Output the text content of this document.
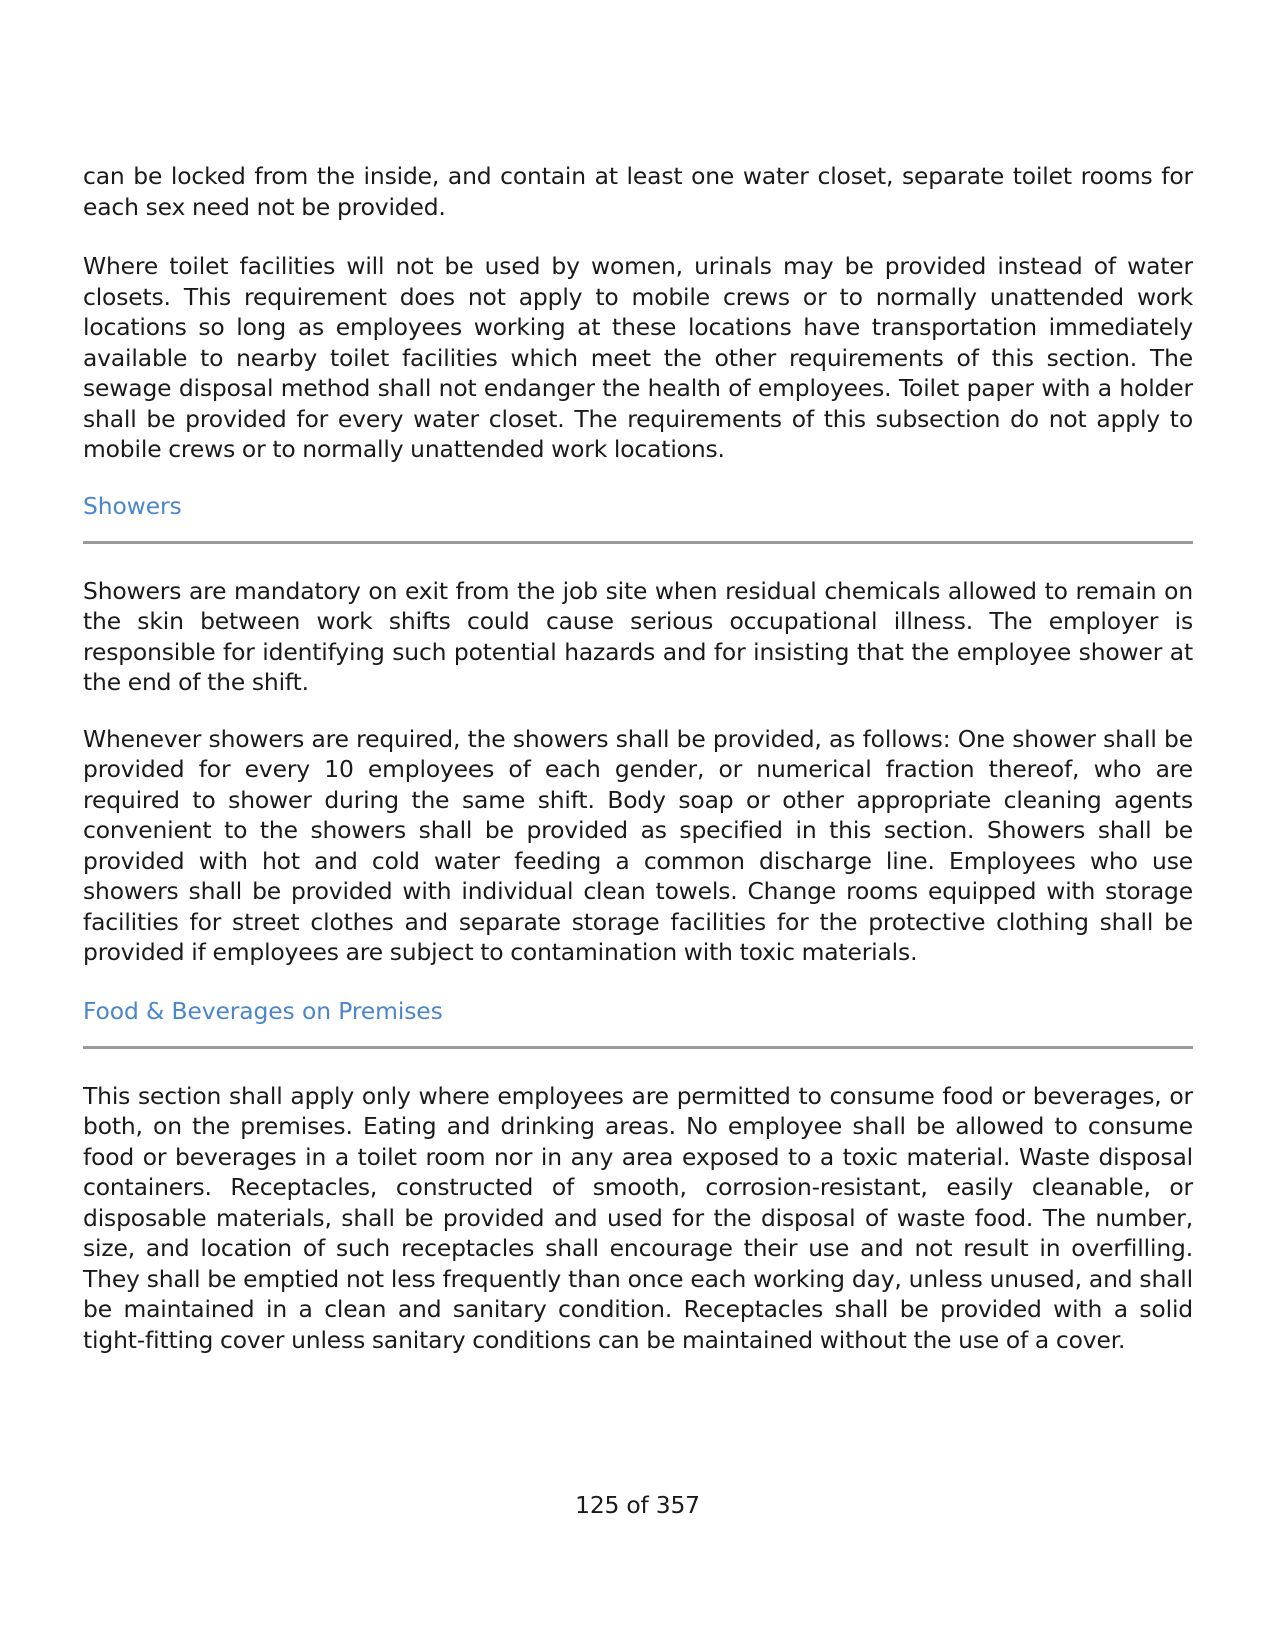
can be locked from the inside, and contain at least one water closet, separate toilet rooms for each sex need not be provided.

Where toilet facilities will not be used by women, urinals may be provided instead of water closets. This requirement does not apply to mobile crews or to normally unattended work locations so long as employees working at these locations have transportation immediately available to nearby toilet facilities which meet the other requirements of this section. The sewage disposal method shall not endanger the health of employees. Toilet paper with a holder shall be provided for every water closet. The requirements of this subsection do not apply to mobile crews or to normally unattended work locations.

Showers

Showers are mandatory on exit from the job site when residual chemicals allowed to remain on the skin between work shifts could cause serious occupational illness. The employer is responsible for identifying such potential hazards and for insisting that the employee shower at the end of the shift.

Whenever showers are required, the showers shall be provided, as follows: One shower shall be provided for every 10 employees of each gender, or numerical fraction thereof, who are required to shower during the same shift. Body soap or other appropriate cleaning agents convenient to the showers shall be provided as specified in this section. Showers shall be provided with hot and cold water feeding a common discharge line. Employees who use showers shall be provided with individual clean towels. Change rooms equipped with storage facilities for street clothes and separate storage facilities for the protective clothing shall be provided if employees are subject to contamination with toxic materials.

Food & Beverages on Premises

This section shall apply only where employees are permitted to consume food or beverages, or both, on the premises. Eating and drinking areas. No employee shall be allowed to consume food or beverages in a toilet room nor in any area exposed to a toxic material. Waste disposal containers. Receptacles, constructed of smooth, corrosion-resistant, easily cleanable, or disposable materials, shall be provided and used for the disposal of waste food. The number, size, and location of such receptacles shall encourage their use and not result in overfilling. They shall be emptied not less frequently than once each working day, unless unused, and shall be maintained in a clean and sanitary condition. Receptacles shall be provided with a solid tight-fitting cover unless sanitary conditions can be maintained without the use of a cover.

125 of 357
